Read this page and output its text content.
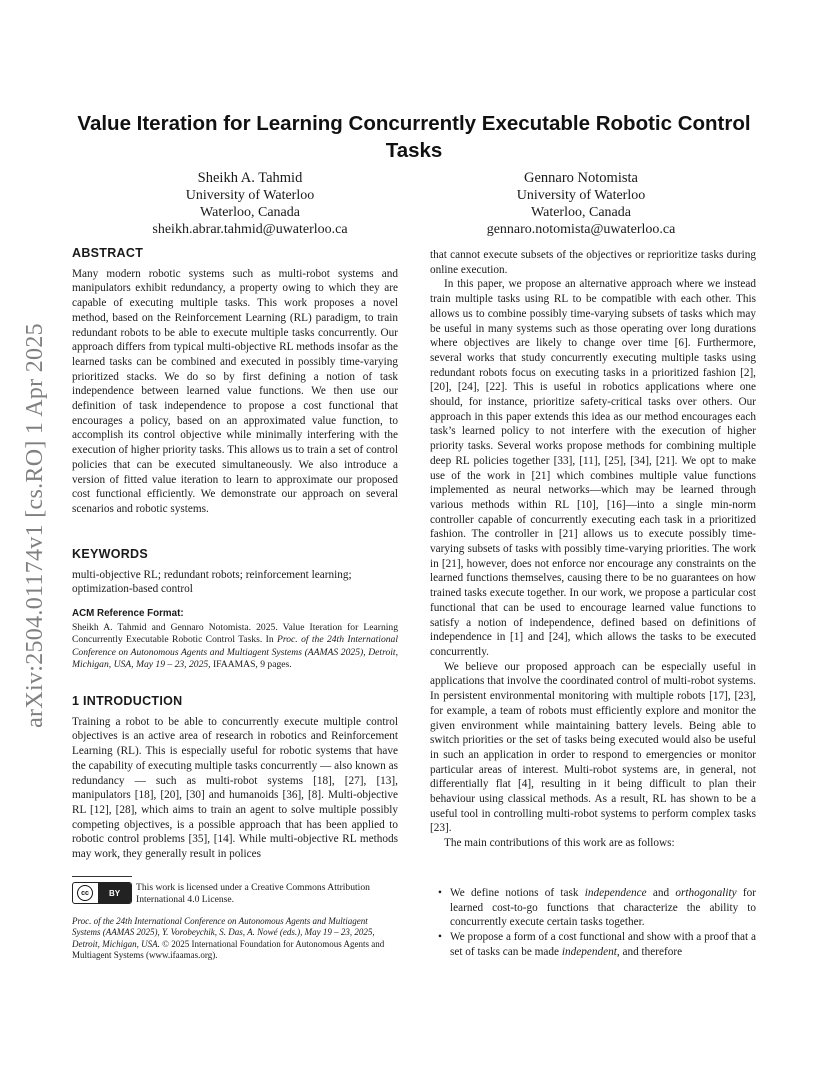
arXiv:2504.01174v1 [cs.RO] 1 Apr 2025
Value Iteration for Learning Concurrently Executable Robotic Control Tasks
Sheikh A. Tahmid
University of Waterloo
Waterloo, Canada
sheikh.abrar.tahmid@uwaterloo.ca
Gennaro Notomista
University of Waterloo
Waterloo, Canada
gennaro.notomista@uwaterloo.ca
ABSTRACT

Many modern robotic systems such as multi-robot systems and manipulators exhibit redundancy, a property owing to which they are capable of executing multiple tasks. This work proposes a novel method, based on the Reinforcement Learning (RL) paradigm, to train redundant robots to be able to execute multiple tasks concurrently. Our approach differs from typical multi-objective RL methods insofar as the learned tasks can be combined and executed in possibly time-varying prioritized stacks. We do so by first defining a notion of task independence between learned value functions. We then use our definition of task independence to propose a cost functional that encourages a policy, based on an approximated value function, to accomplish its control objective while minimally interfering with the execution of higher priority tasks. This allows us to train a set of control policies that can be executed simultaneously. We also introduce a version of fitted value iteration to learn to approximate our proposed cost functional efficiently. We demonstrate our approach on several scenarios and robotic systems.

KEYWORDS

multi-objective RL; redundant robots; reinforcement learning; optimization-based control

ACM Reference Format:

Sheikh A. Tahmid and Gennaro Notomista. 2025. Value Iteration for Learning Concurrently Executable Robotic Control Tasks. In Proc. of the 24th International Conference on Autonomous Agents and Multiagent Systems (AAMAS 2025), Detroit, Michigan, USA, May 19 – 23, 2025, IFAAMAS, 9 pages.

1 INTRODUCTION

Training a robot to be able to concurrently execute multiple control objectives is an active area of research in robotics and Reinforcement Learning (RL). This is especially useful for robotic systems that have the capability of executing multiple tasks concurrently — also known as redundancy — such as multi-robot systems [18], [27], [13], manipulators [18], [20], [30] and humanoids [36], [8]. Multi-objective RL [12], [28], which aims to train an agent to solve multiple possibly competing objectives, is a possible approach that has been applied to robotic control problems [35], [14]. While multi-objective RL methods may work, they generally result in polices

This work is licensed under a Creative Commons Attribution International 4.0 License.

Proc. of the 24th International Conference on Autonomous Agents and Multiagent Systems (AAMAS 2025), Y. Vorobeychik, S. Das, A. Nowé (eds.), May 19 – 23, 2025, Detroit, Michigan, USA. © 2025 International Foundation for Autonomous Agents and Multiagent Systems (www.ifaamas.org).

cc	BY

that cannot execute subsets of the objectives or reprioritize tasks during online execution.

In this paper, we propose an alternative approach where we instead train multiple tasks using RL to be compatible with each other. This allows us to combine possibly time-varying subsets of tasks which may be useful in many systems such as those operating over long durations where objectives are likely to change over time [6]. Furthermore, several works that study concurrently executing multiple tasks using redundant robots focus on executing tasks in a prioritized fashion [2], [20], [24], [22]. This is useful in robotics applications where one should, for instance, prioritize safety-critical tasks over others. Our approach in this paper extends this idea as our method encourages each task’s learned policy to not interfere with the execution of higher priority tasks. Several works propose methods for combining multiple deep RL policies together [33], [11], [25], [34], [21]. We opt to make use of the work in [21] which combines multiple value functions implemented as neural networks—which may be learned through various methods within RL [10], [16]—into a single min-norm controller capable of concurrently executing each task in a prioritized fashion. The controller in [21] allows us to execute possibly time-varying subsets of tasks with possibly time-varying priorities. The work in [21], however, does not enforce nor encourage any constraints on the learned functions themselves, causing there to be no guarantees on how trained tasks execute together. In our work, we propose a particular cost functional that can be used to encourage learned value functions to satisfy a notion of independence, defined based on definitions of independence in [1] and [24], which allows the tasks to be executed concurrently.

We believe our proposed approach can be especially useful in applications that involve the coordinated control of multi-robot systems. In persistent environmental monitoring with multiple robots [17], [23], for example, a team of robots must efficiently explore and monitor the given environment while maintaining battery levels. Being able to switch priorities or the set of tasks being executed would also be useful in such an application in order to respond to emergencies or monitor particular areas of interest. Multi-robot systems are, in general, not differentially flat [4], resulting in it being difficult to plan their behaviour using classical methods. As a result, RL has shown to be a useful tool in controlling multi-robot systems to perform complex tasks [23].

The main contributions of this work are as follows:

• We define notions of task independence and orthogonality for learned cost-to-go functions that characterize the ability to concurrently execute certain tasks together.
• We propose a form of a cost functional and show with a proof that a set of tasks can be made independent, and therefore
